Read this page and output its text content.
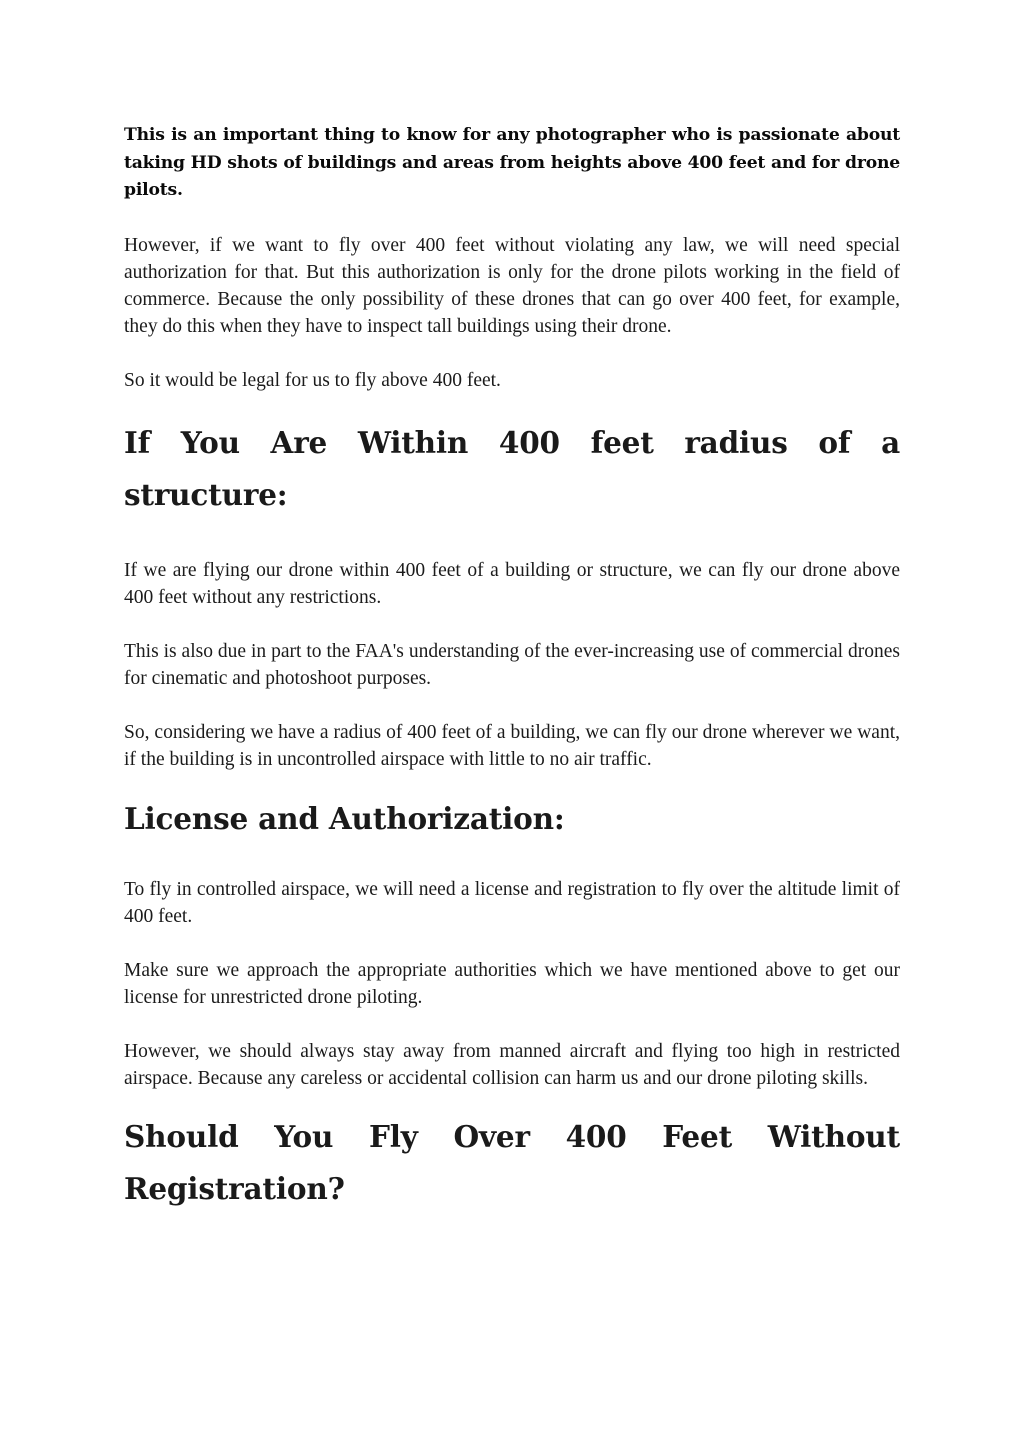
This is an important thing to know for any photographer who is passionate about taking HD shots of buildings and areas from heights above 400 feet and for drone pilots.

However, if we want to fly over 400 feet without violating any law, we will need special authorization for that. But this authorization is only for the drone pilots working in the field of commerce. Because the only possibility of these drones that can go over 400 feet, for example, they do this when they have to inspect tall buildings using their drone.

So it would be legal for us to fly above 400 feet.

If You Are Within 400 feet radius of a structure:

If we are flying our drone within 400 feet of a building or structure, we can fly our drone above 400 feet without any restrictions.

This is also due in part to the FAA's understanding of the ever-increasing use of commercial drones for cinematic and photoshoot purposes.

So, considering we have a radius of 400 feet of a building, we can fly our drone wherever we want, if the building is in uncontrolled airspace with little to no air traffic.

License and Authorization:

To fly in controlled airspace, we will need a license and registration to fly over the altitude limit of 400 feet.

Make sure we approach the appropriate authorities which we have mentioned above to get our license for unrestricted drone piloting.

However, we should always stay away from manned aircraft and flying too high in restricted airspace. Because any careless or accidental collision can harm us and our drone piloting skills.

Should You Fly Over 400 Feet Without Registration?
